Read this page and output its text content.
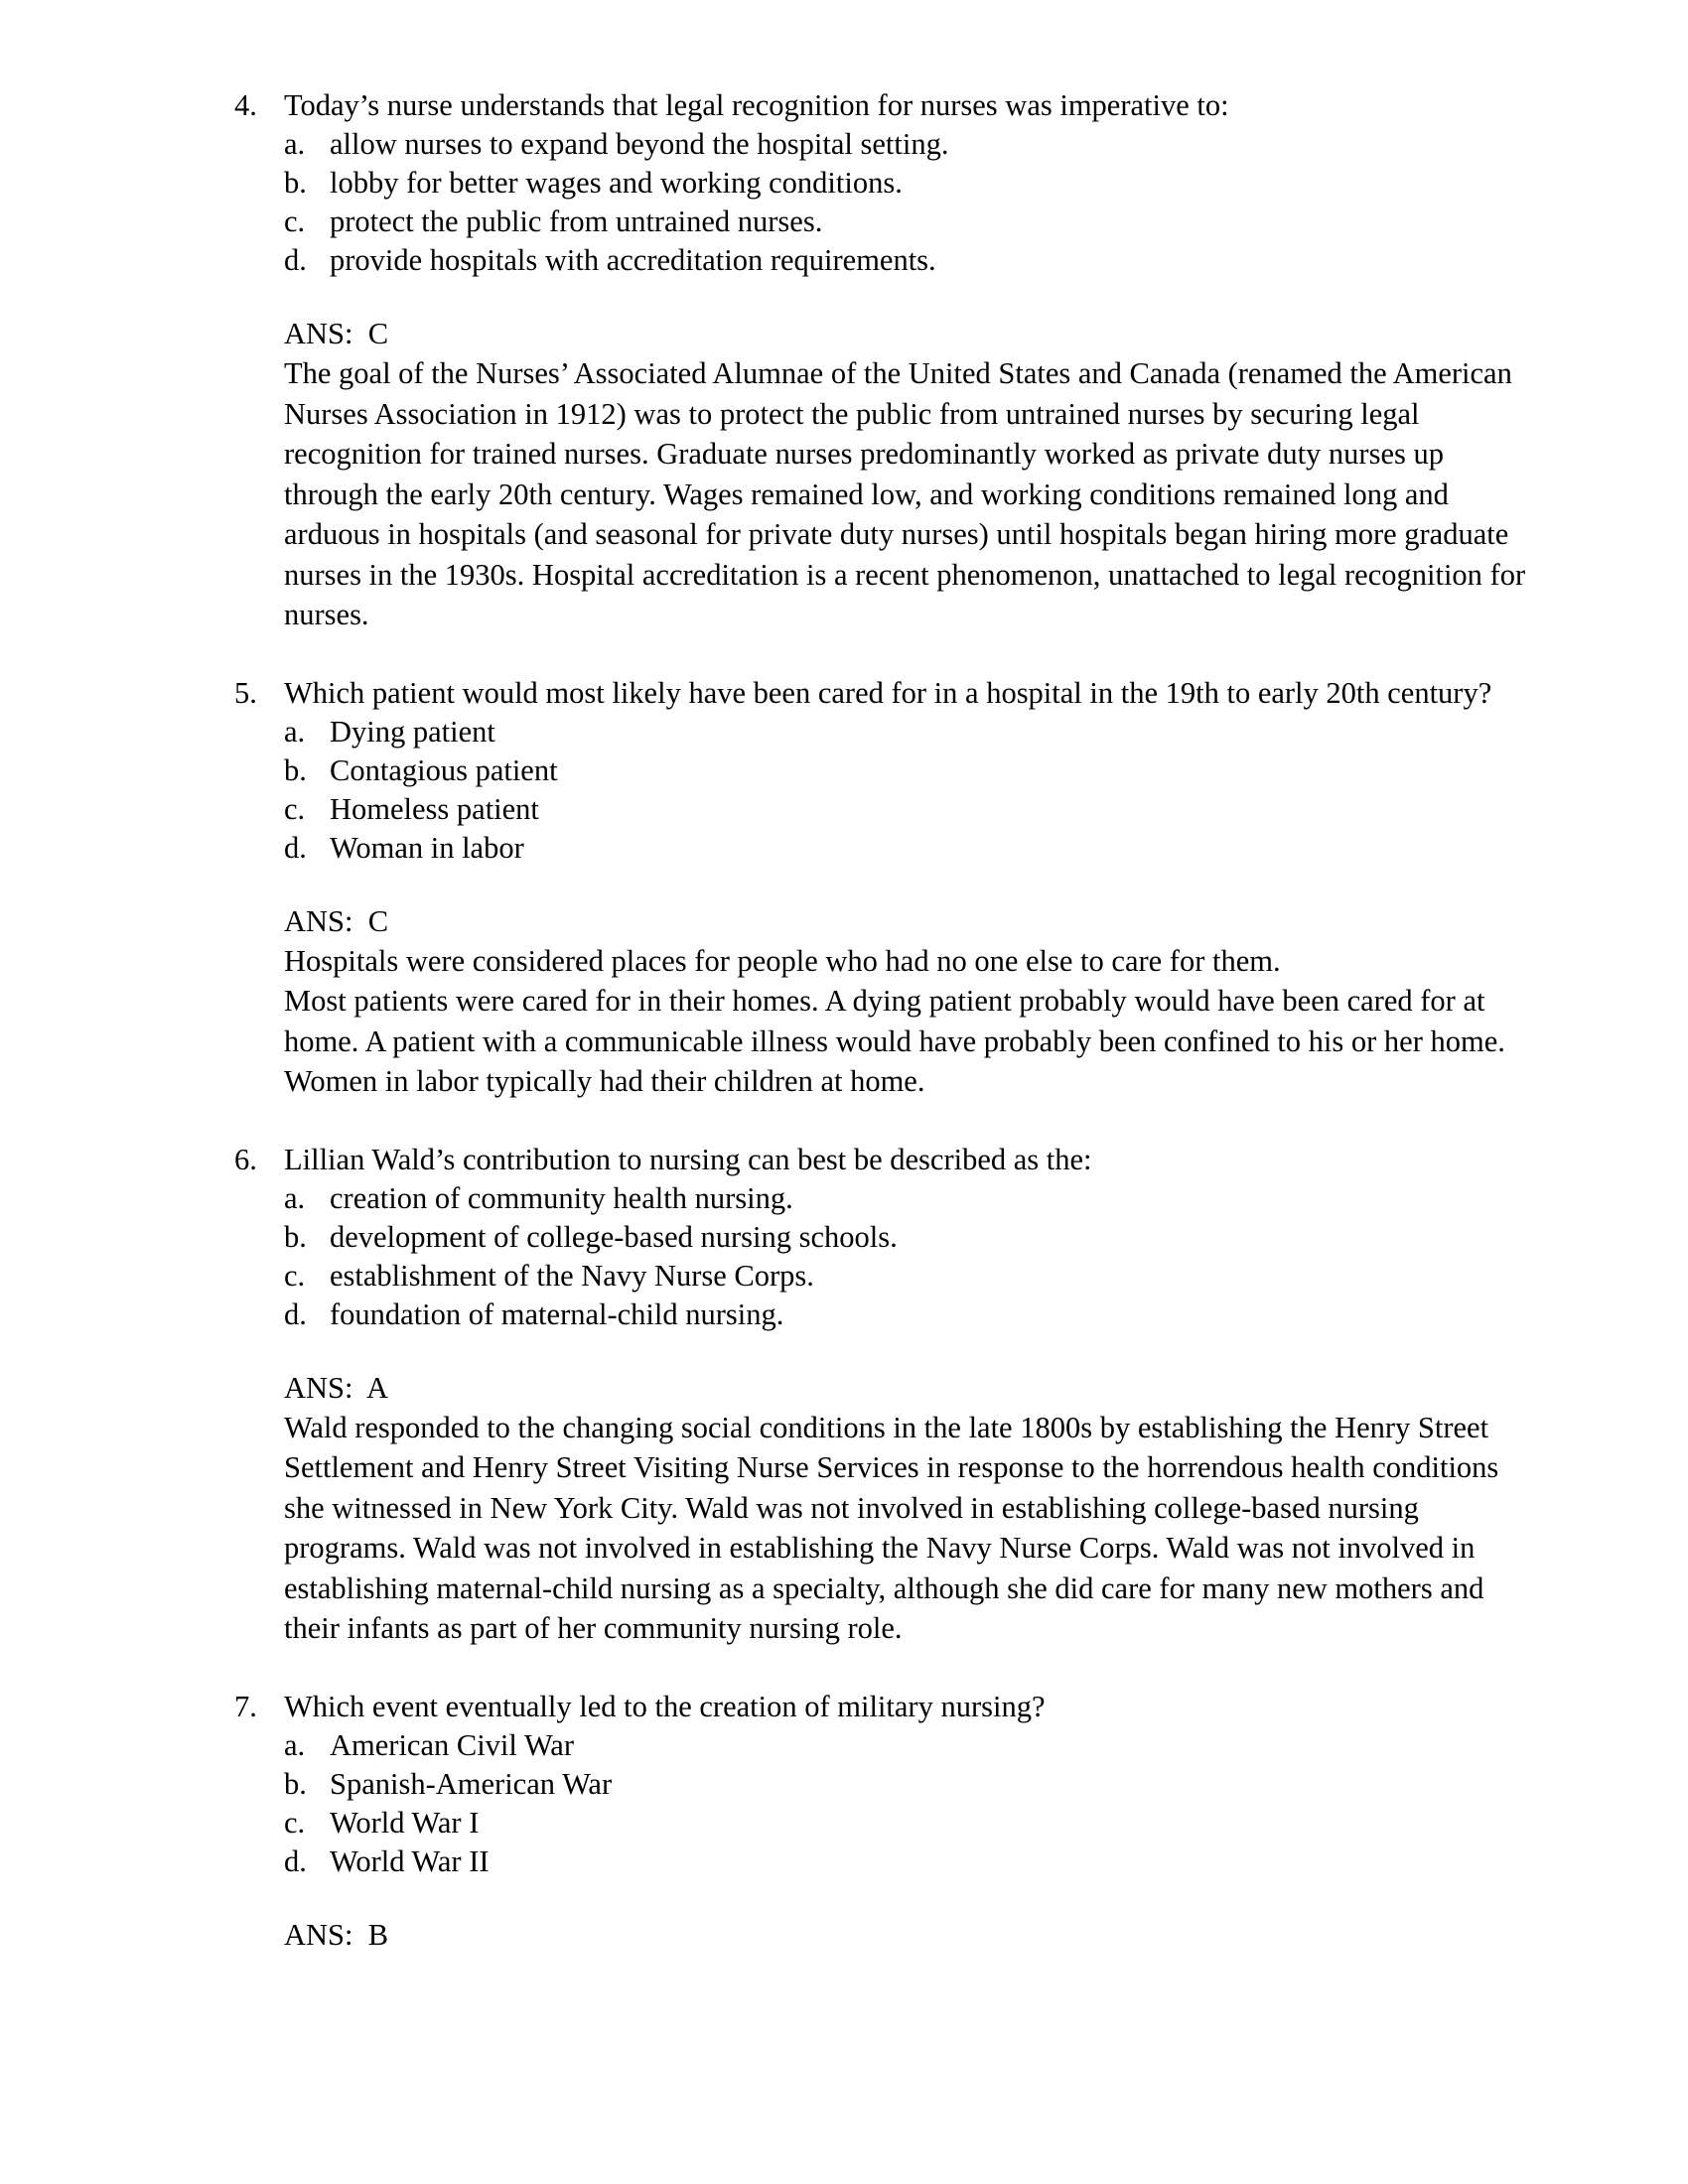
4. Today’s nurse understands that legal recognition for nurses was imperative to:
a. allow nurses to expand beyond the hospital setting.
b. lobby for better wages and working conditions.
c. protect the public from untrained nurses.
d. provide hospitals with accreditation requirements.
ANS:  C
The goal of the Nurses’ Associated Alumnae of the United States and Canada (renamed the American Nurses Association in 1912) was to protect the public from untrained nurses by securing legal recognition for trained nurses. Graduate nurses predominantly worked as private duty nurses up through the early 20th century. Wages remained low, and working conditions remained long and arduous in hospitals (and seasonal for private duty nurses) until hospitals began hiring more graduate nurses in the 1930s. Hospital accreditation is a recent phenomenon, unattached to legal recognition for nurses.
5. Which patient would most likely have been cared for in a hospital in the 19th to early 20th century?
a. Dying patient
b. Contagious patient
c. Homeless patient
d. Woman in labor
ANS:  C
Hospitals were considered places for people who had no one else to care for them.
Most patients were cared for in their homes. A dying patient probably would have been cared for at home. A patient with a communicable illness would have probably been confined to his or her home. Women in labor typically had their children at home.
6. Lillian Wald’s contribution to nursing can best be described as the:
a. creation of community health nursing.
b. development of college-based nursing schools.
c. establishment of the Navy Nurse Corps.
d. foundation of maternal-child nursing.
ANS:  A
Wald responded to the changing social conditions in the late 1800s by establishing the Henry Street Settlement and Henry Street Visiting Nurse Services in response to the horrendous health conditions she witnessed in New York City. Wald was not involved in establishing college-based nursing programs. Wald was not involved in establishing the Navy Nurse Corps. Wald was not involved in establishing maternal-child nursing as a specialty, although she did care for many new mothers and their infants as part of her community nursing role.
7. Which event eventually led to the creation of military nursing?
a. American Civil War
b. Spanish-American War
c. World War I
d. World War II
ANS:  B
